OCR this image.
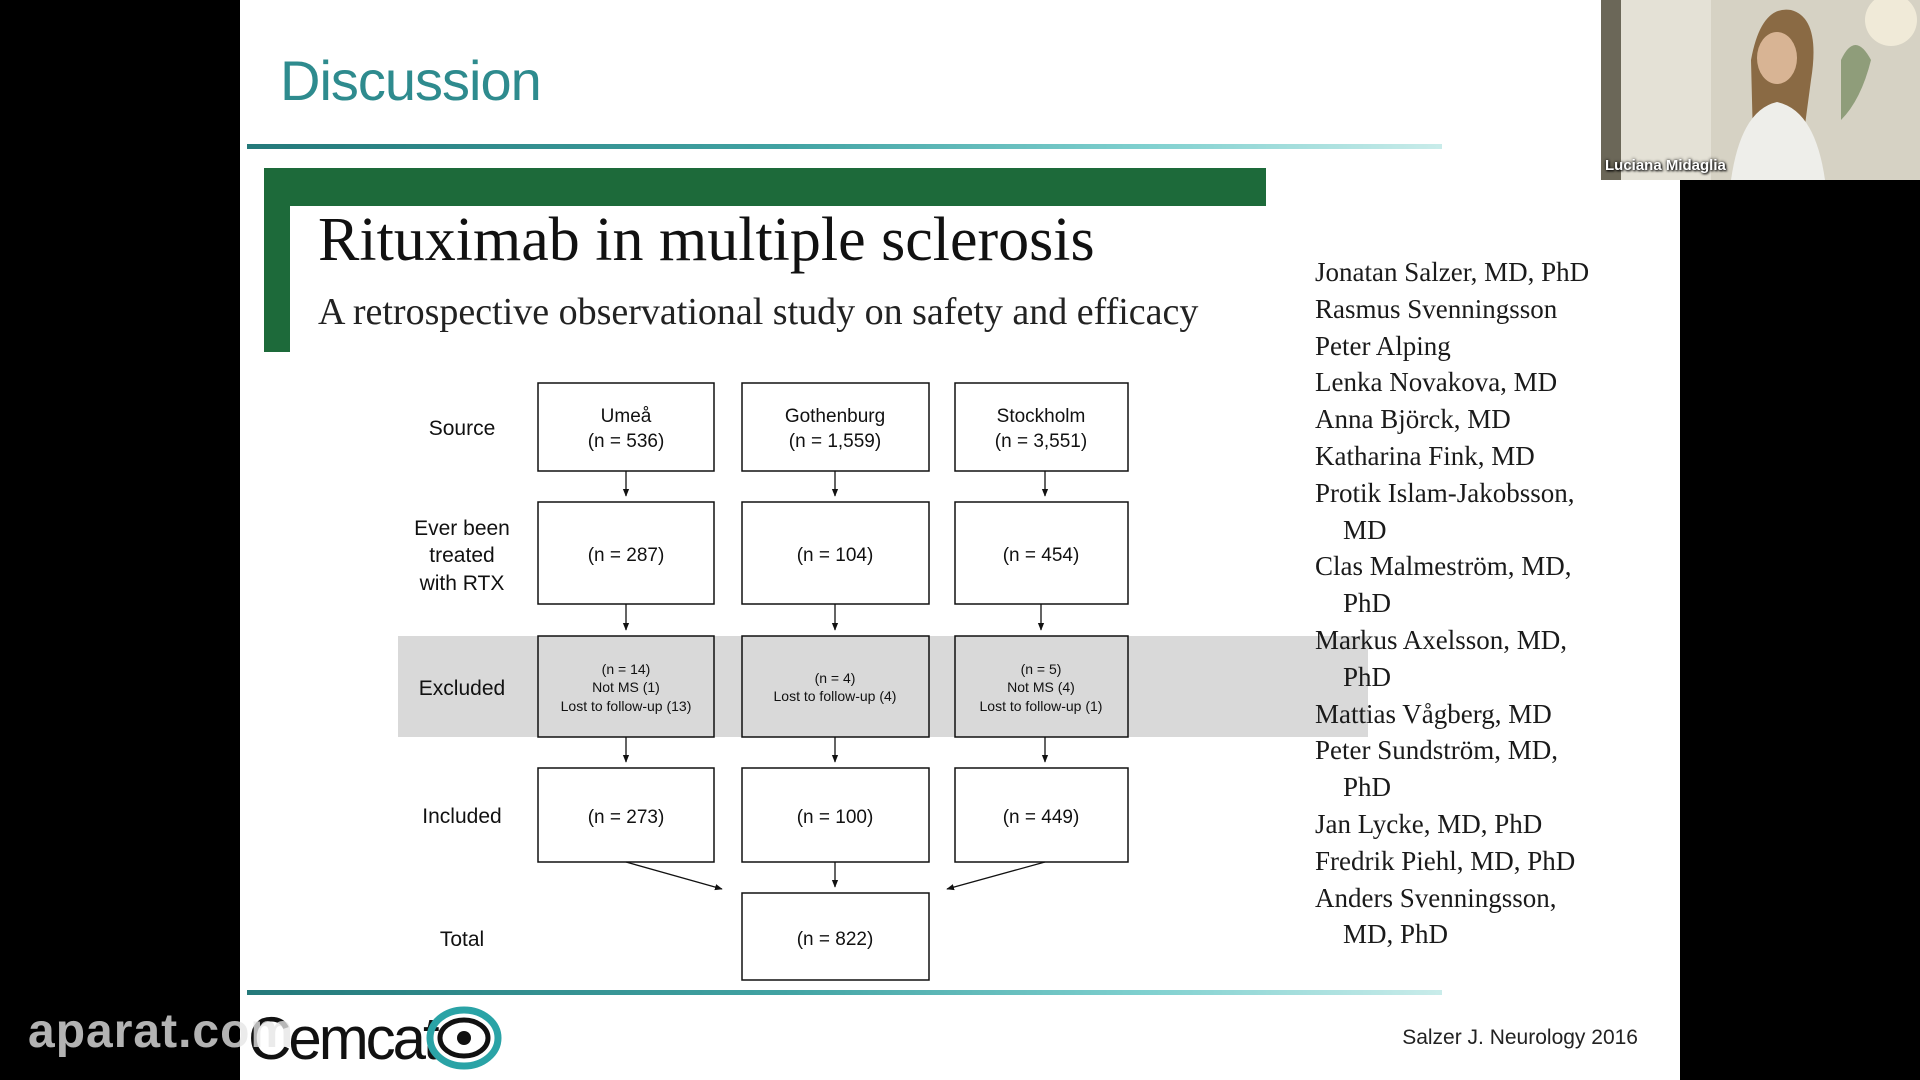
Discussion
Rituximab in multiple sclerosis
A retrospective observational study on safety and efficacy
Source
Ever been
treated
with RTX
Excluded
Included
Total
Umeå
(n = 536)
(n = 287)
(n = 14)
Not MS (1)
Lost to follow-up (13)
(n = 273)
Gothenburg
(n = 1,559)
(n = 104)
(n = 4)
Lost to follow-up (4)
(n = 100)
Stockholm
(n = 3,551)
(n = 454)
(n = 5)
Not MS (4)
Lost to follow-up (1)
(n = 449)
(n = 822)
Jonatan Salzer, MD, PhD
Rasmus Svenningsson
Peter Alping
Lenka Novakova, MD
Anna Björck, MD
Katharina Fink, MD
Protik Islam-Jakobsson,
MD
Clas Malmeström, MD,
PhD
Markus Axelsson, MD,
PhD
Mattias Vågberg, MD
Peter Sundström, MD,
PhD
Jan Lycke, MD, PhD
Fredrik Piehl, MD, PhD
Anders Svenningsson,
MD, PhD
Cemcat	Salzer J. Neurology 2016
aparat.com
Luciana Midaglia
